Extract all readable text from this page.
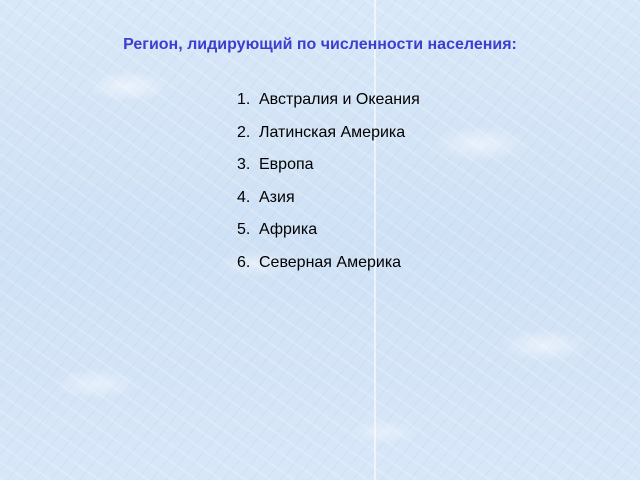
Регион, лидирующий по численности населения:
1. Австралия и Океания
2. Латинская Америка
3. Европа
4. Азия
5. Африка
6. Северная Америка
